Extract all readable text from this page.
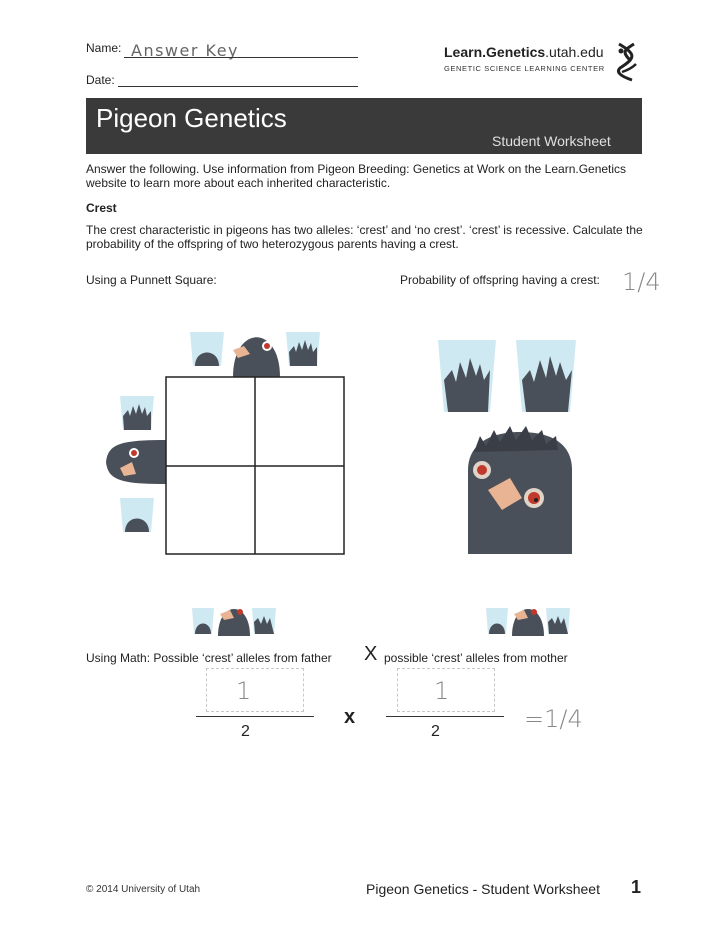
Name: Answer Key
Date:
Learn.Genetics.utah.edu
GENETIC SCIENCE LEARNING CENTER
Pigeon Genetics
Student Worksheet
Answer the following. Use information from Pigeon Breeding: Genetics at Work on the Learn.Genetics website to learn more about each inherited characteristic.
Crest
The crest characteristic in pigeons has two alleles: ‘crest’ and ‘no crest’. ‘crest’ is recessive. Calculate the probability of the offspring of two heterozygous parents having a crest.
Using a Punnett Square:	Probability of offspring having a crest: 1/4
Using Math: Possible ‘crest’ alleles from father X possible ‘crest’ alleles from mother
1
2
x
1
2	=1/4
© 2014 University of Utah	Pigeon Genetics - Student Worksheet 1
